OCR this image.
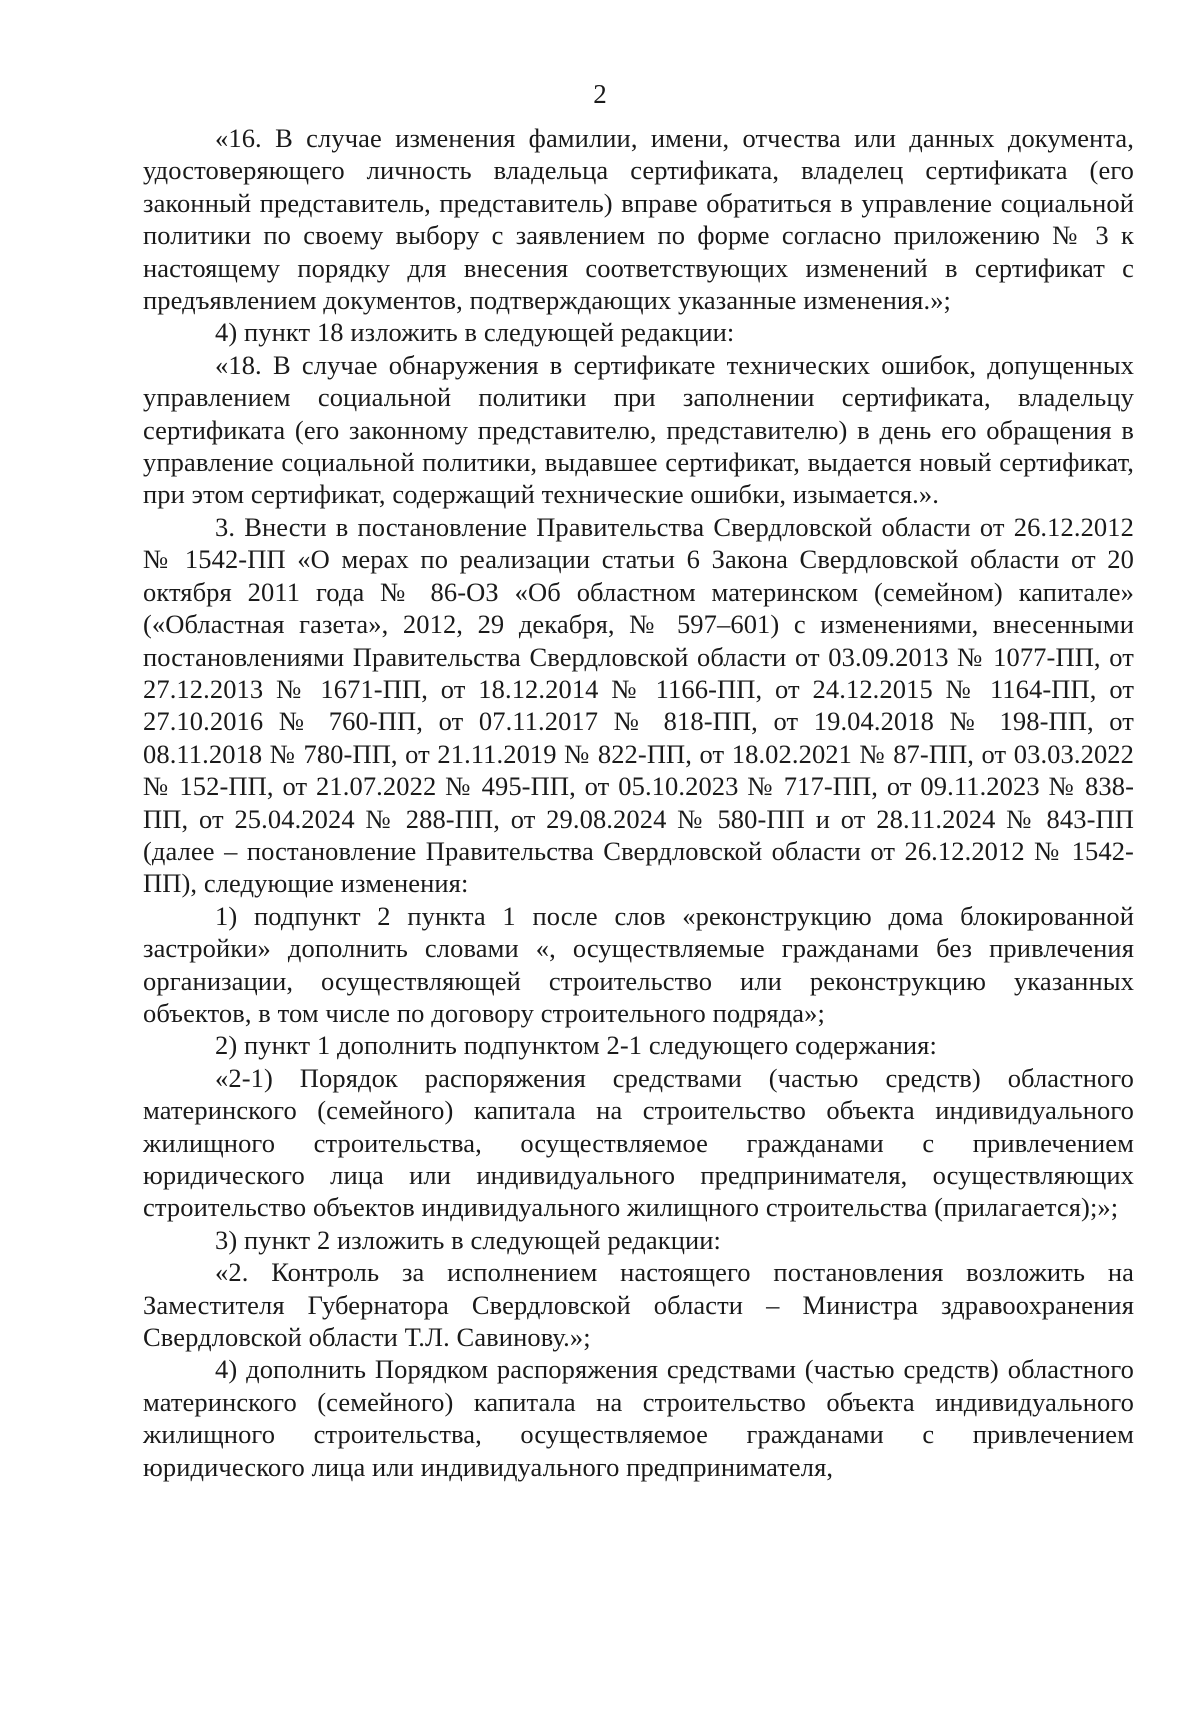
2

«16. В случае изменения фамилии, имени, отчества или данных документа, удостоверяющего личность владельца сертификата, владелец сертификата (его законный представитель, представитель) вправе обратиться в управление социальной политики по своему выбору с заявлением по форме согласно приложению № 3 к настоящему порядку для внесения соответствующих изменений в сертификат с предъявлением документов, подтверждающих указанные изменения.»;

4) пункт 18 изложить в следующей редакции:

«18. В случае обнаружения в сертификате технических ошибок, допущенных управлением социальной политики при заполнении сертификата, владельцу сертификата (его законному представителю, представителю) в день его обращения в управление социальной политики, выдавшее сертификат, выдается новый сертификат, при этом сертификат, содержащий технические ошибки, изымается.».

3. Внести в постановление Правительства Свердловской области от 26.12.2012 № 1542-ПП «О мерах по реализации статьи 6 Закона Свердловской области от 20 октября 2011 года № 86-ОЗ «Об областном материнском (семейном) капитале» («Областная газета», 2012, 29 декабря, № 597–601) с изменениями, внесенными постановлениями Правительства Свердловской области от 03.09.2013 № 1077-ПП, от 27.12.2013 № 1671-ПП, от 18.12.2014 № 1166-ПП, от 24.12.2015 № 1164-ПП, от 27.10.2016 № 760-ПП, от 07.11.2017 № 818-ПП, от 19.04.2018 № 198-ПП, от 08.11.2018 № 780-ПП, от 21.11.2019 № 822-ПП, от 18.02.2021 № 87-ПП, от 03.03.2022 № 152-ПП, от 21.07.2022 № 495-ПП, от 05.10.2023 № 717-ПП, от 09.11.2023 № 838-ПП, от 25.04.2024 № 288-ПП, от 29.08.2024 № 580-ПП и от 28.11.2024 № 843-ПП (далее – постановление Правительства Свердловской области от 26.12.2012 № 1542-ПП), следующие изменения:

1) подпункт 2 пункта 1 после слов «реконструкцию дома блокированной застройки» дополнить словами «, осуществляемые гражданами без привлечения организации, осуществляющей строительство или реконструкцию указанных объектов, в том числе по договору строительного подряда»;

2) пункт 1 дополнить подпунктом 2-1 следующего содержания:

«2-1) Порядок распоряжения средствами (частью средств) областного материнского (семейного) капитала на строительство объекта индивидуального жилищного строительства, осуществляемое гражданами с привлечением юридического лица или индивидуального предпринимателя, осуществляющих строительство объектов индивидуального жилищного строительства (прилагается);»;

3) пункт 2 изложить в следующей редакции:

«2. Контроль за исполнением настоящего постановления возложить на Заместителя Губернатора Свердловской области – Министра здравоохранения Свердловской области Т.Л. Савинову.»;

4) дополнить Порядком распоряжения средствами (частью средств) областного материнского (семейного) капитала на строительство объекта индивидуального жилищного строительства, осуществляемое гражданами с привлечением юридического лица или индивидуального предпринимателя,
